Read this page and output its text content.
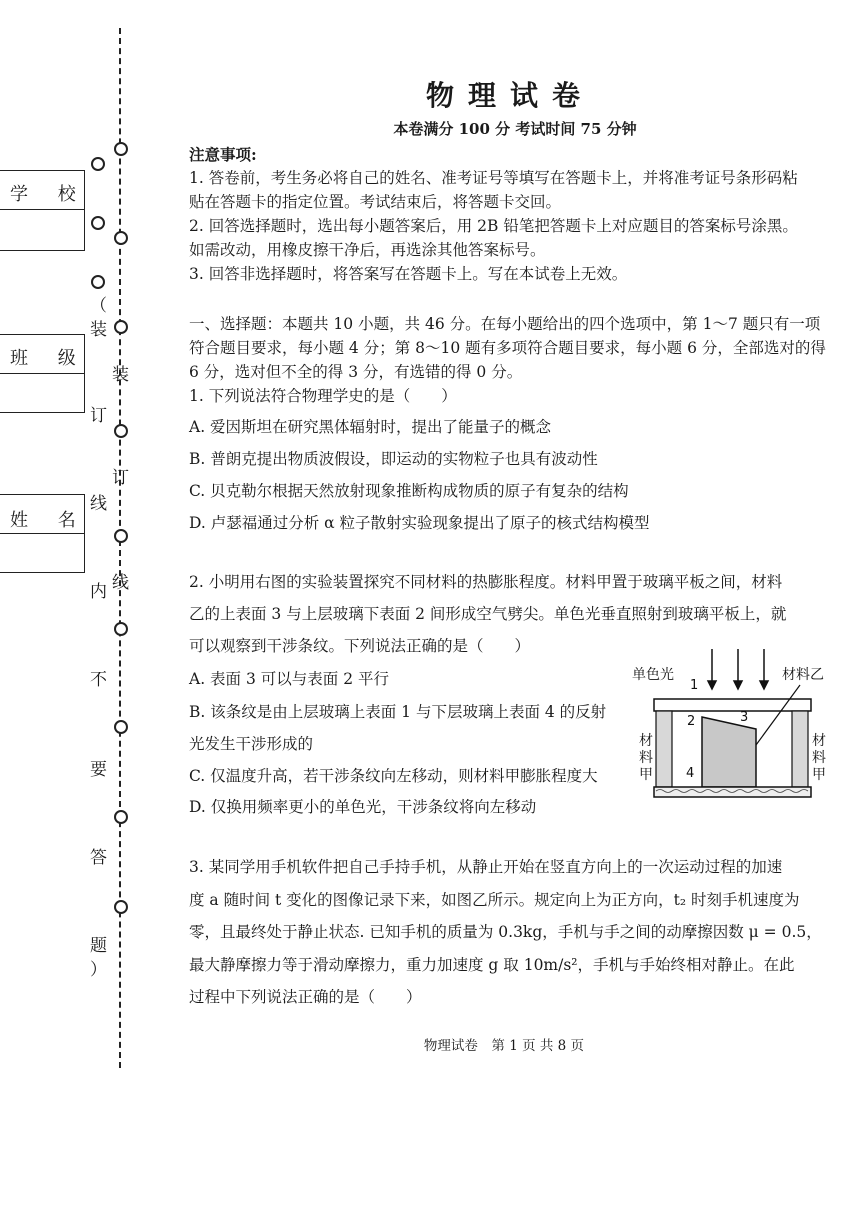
学 校
班 级
姓 名
（
装
订
线
内
不
要
答
题
）
装
订
线
物理试卷
本卷满分 100 分 考试时间 75 分钟
注意事项:
1. 答卷前，考生务必将自己的姓名、准考证号等填写在答题卡上，并将准考证号条形码粘
贴在答题卡的指定位置。考试结束后，将答题卡交回。
2. 回答选择题时，选出每小题答案后，用 2B 铅笔把答题卡上对应题目的答案标号涂黑。
如需改动，用橡皮擦干净后，再选涂其他答案标号。
3. 回答非选择题时，将答案写在答题卡上。写在本试卷上无效。
一、选择题：本题共 10 小题，共 46 分。在每小题给出的四个选项中，第 1～7 题只有一项
符合题目要求，每小题 4 分；第 8～10 题有多项符合题目要求，每小题 6 分，全部选对的得
6 分，选对但不全的得 3 分，有选错的得 0 分。
1. 下列说法符合物理学史的是（　　）
A. 爱因斯坦在研究黑体辐射时，提出了能量子的概念
B. 普朗克提出物质波假设，即运动的实物粒子也具有波动性
C. 贝克勒尔根据天然放射现象推断构成物质的原子有复杂的结构
D. 卢瑟福通过分析 α 粒子散射实验现象提出了原子的核式结构模型
2. 小明用右图的实验装置探究不同材料的热膨胀程度。材料甲置于玻璃平板之间，材料
乙的上表面 3 与上层玻璃下表面 2 间形成空气劈尖。单色光垂直照射到玻璃平板上，就
可以观察到干涉条纹。下列说法正确的是（　　）
A. 表面 3 可以与表面 2 平行
B. 该条纹是由上层玻璃上表面 1 与下层玻璃上表面 4 的反射
光发生干涉形成的
C. 仅温度升高，若干涉条纹向左移动，则材料甲膨胀程度大
D. 仅换用频率更小的单色光，干涉条纹将向左移动
单色光	材料乙
1
2	3
4
材
料
甲
材
料
甲
3. 某同学用手机软件把自己手持手机，从静止开始在竖直方向上的一次运动过程的加速
度 a 随时间 t 变化的图像记录下来，如图乙所示。规定向上为正方向，t₂ 时刻手机速度为
零，且最终处于静止状态. 已知手机的质量为 0.3kg，手机与手之间的动摩擦因数 μ = 0.5，
最大静摩擦力等于滑动摩擦力，重力加速度 g 取 10m/s²，手机与手始终相对静止。在此
过程中下列说法正确的是（　　）
物理试卷　第 1 页 共 8 页
